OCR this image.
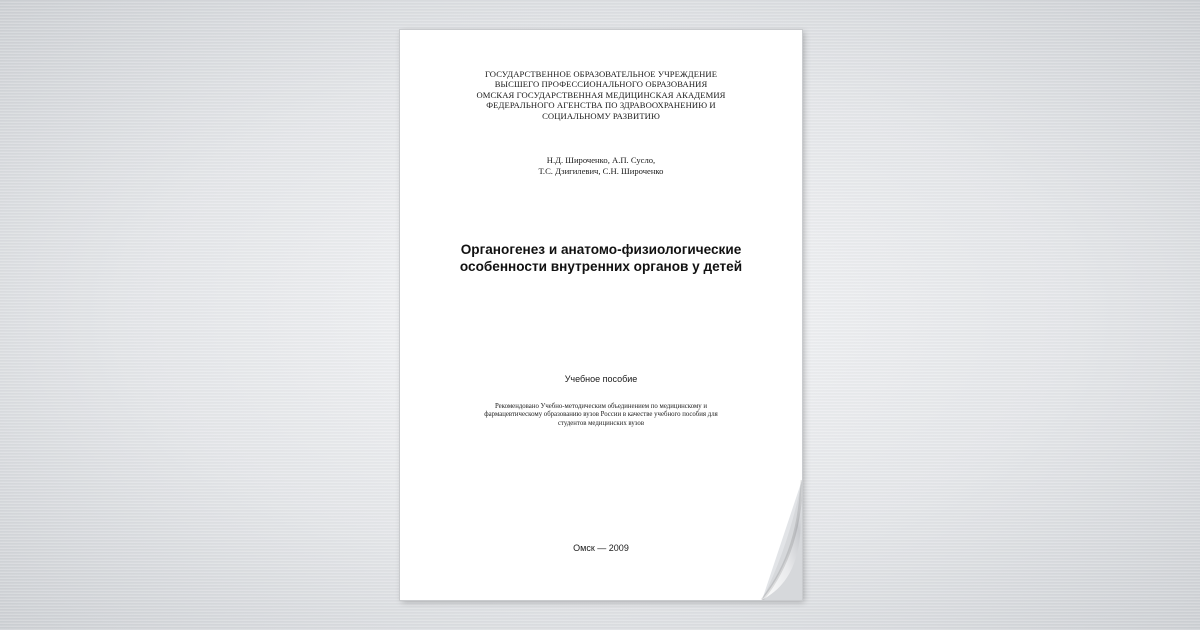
ГОСУДАРСТВЕННОЕ ОБРАЗОВАТЕЛЬНОЕ УЧРЕЖДЕНИЕ
ВЫСШЕГО ПРОФЕССИОНАЛЬНОГО ОБРАЗОВАНИЯ
ОМСКАЯ ГОСУДАРСТВЕННАЯ МЕДИЦИНСКАЯ АКАДЕМИЯ
ФЕДЕРАЛЬНОГО АГЕНСТВА ПО ЗДРАВООХРАНЕНИЮ И
СОЦИАЛЬНОМУ РАЗВИТИЮ
Н.Д. Широченко, А.П. Сусло,
Т.С. Дзигилевич, С.Н. Широченко
Органогенез и анатомо-физиологические
особенности внутренних органов у детей
Учебное пособие
Рекомендовано Учебно-методическим объединением по медицинскому и
фармацевтическому образованию вузов России в качестве учебного пособия для
студентов медицинских вузов
Омск — 2009
